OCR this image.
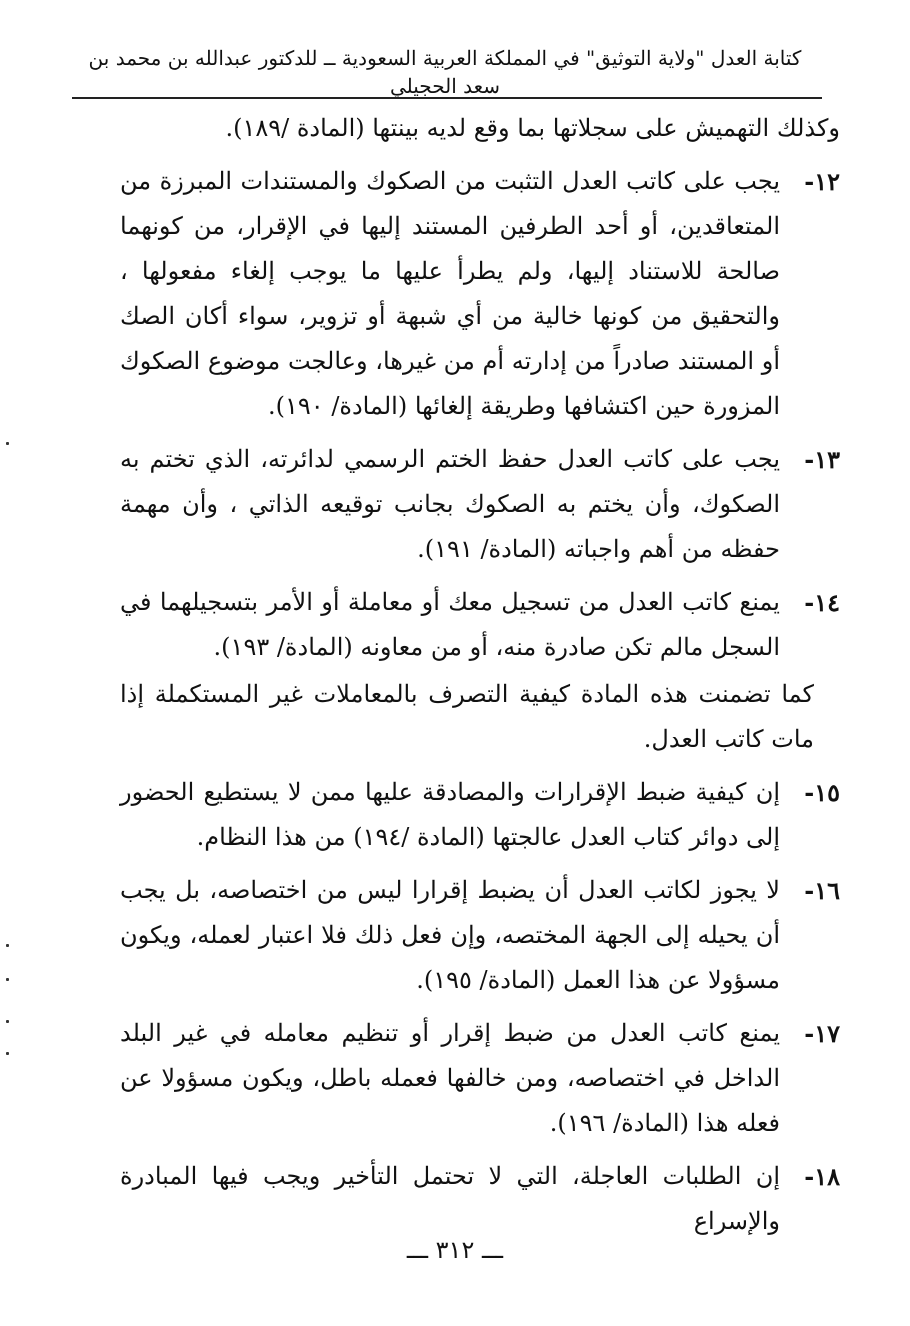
كتابة العدل "ولاية التوثيق" في المملكة العربية السعودية ــ للدكتور عبدالله بن محمد بن سعد الحجيلي

وكذلك التهميش على سجلاتها بما وقع لديه بينتها (المادة /١٨٩).

١٢-
يجب على كاتب العدل التثبت من الصكوك والمستندات المبرزة من المتعاقدين، أو أحد الطرفين المستند إليها في الإقرار، من كونهما صالحة للاستناد إليها، ولم يطرأ عليها ما يوجب إلغاء مفعولها ، والتحقيق من كونها خالية من أي شبهة أو تزوير، سواء أكان الصك أو المستند صادراً من إدارته أم من غيرها، وعالجت موضوع الصكوك المزورة حين اكتشافها وطريقة إلغائها (المادة/ ١٩٠).
١٣-
يجب على كاتب العدل حفظ الختم الرسمي لدائرته، الذي تختم به الصكوك، وأن يختم به الصكوك بجانب توقيعه الذاتي ، وأن مهمة حفظه من أهم واجباته (المادة/ ١٩١).
١٤-
يمنع كاتب العدل من تسجيل معك أو معاملة أو الأمر بتسجيلهما في السجل مالم تكن صادرة منه، أو من معاونه (المادة/ ١٩٣).

كما تضمنت هذه المادة كيفية التصرف بالمعاملات غير المستكملة إذا مات كاتب العدل.

١٥-
إن كيفية ضبط الإقرارات والمصادقة عليها ممن لا يستطيع الحضور إلى دوائر كتاب العدل عالجتها (المادة /١٩٤) من هذا النظام.
١٦-
لا يجوز لكاتب العدل أن يضبط إقرارا ليس من اختصاصه، بل يجب أن يحيله إلى الجهة المختصه، وإن فعل ذلك فلا اعتبار لعمله، ويكون مسؤولا عن هذا العمل (المادة/ ١٩٥).
١٧-
يمنع كاتب العدل من ضبط إقرار أو تنظيم معامله في غير البلد الداخل في اختصاصه، ومن خالفها فعمله باطل، ويكون مسؤولا عن فعله هذا (المادة/ ١٩٦).
١٨-
إن الطلبات العاجلة، التي لا تحتمل التأخير ويجب فيها المبادرة والإسراع
ـــ ٣١٢ ـــ
